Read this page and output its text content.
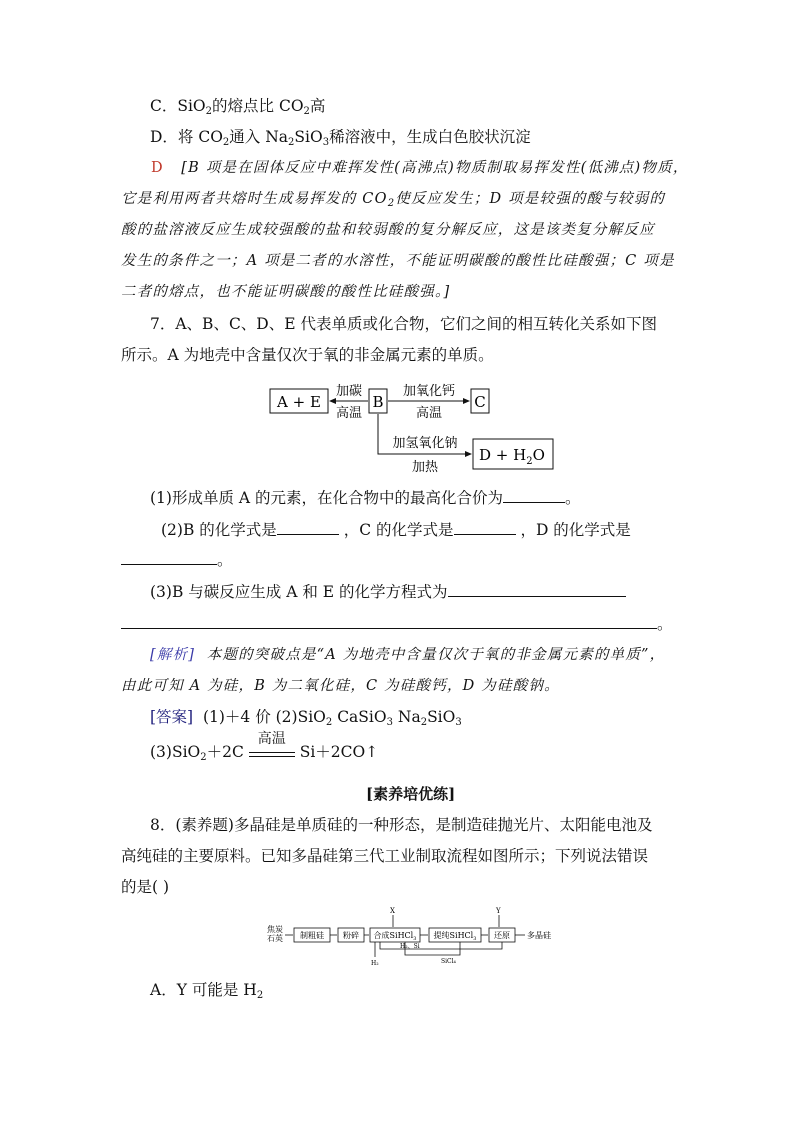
C．SiO$_2$的熔点比 $CO_2$高
D．将 $CO_2$通入 $Na_2SiO_3$稀溶液中，生成白色胶状沉淀
D [B 项是在固体反应中难挥发性(高沸点)物质制取易挥发性(低沸点)物质，
它是利用两者共熔时生成易挥发的 $CO_2$使反应发生；D 项是较强的酸与较弱的
酸的盐溶液反应生成较强酸的盐和较弱酸的复分解反应，这是该类复分解反应
发生的条件之一；A 项是二者的水溶性，不能证明碳酸的酸性比硅酸强；C 项是
二者的熔点，也不能证明碳酸的酸性比硅酸强。]
7．A、B、C、D、E 代表单质或化合物，它们之间的相互转化关系如下图
所示。A 为地壳中含量仅次于氧的非金属元素的单质。
A + E	B	C
$D + H_2O$
加碳
高温
加氧化钙
高温
加氢氧化钠
加热
(1)形成单质 A 的元素，在化合物中的最高化合价为	。
(2)B 的化学式是	，C 的化学式是	，D 的化学式是
。
(3)B 与碳反应生成 A 和 E 的化学方程式为
。
[解析] 本题的突破点是“A 为地壳中含量仅次于氧的非金属元素的单质”，
由此可知 A 为硅，B 为二氧化硅，C 为硅酸钙，D 为硅酸钠。
[答案] (1)＋4 价 (2)SiO$_2$ CaSiO$_3$ $Na_2SiO_3$
(3)SiO$_2$＋2C
高温
Si＋2CO↑
[素养培优练]
8．(素养题)多晶硅是单质硅的一种形态，是制造硅抛光片、太阳能电池及
高纯硅的主要原料。已知多晶硅第三代工业制取流程如图所示；下列说法错误
的是( )
焦炭
石英 制粗硅 粉碎 合成SiHCl$_3$ 提纯SiHCl$_3$ 还原 多晶硅
X	Y
H₂、Si
SiCl₄
H₂
A．Y 可能是 $H_2$
